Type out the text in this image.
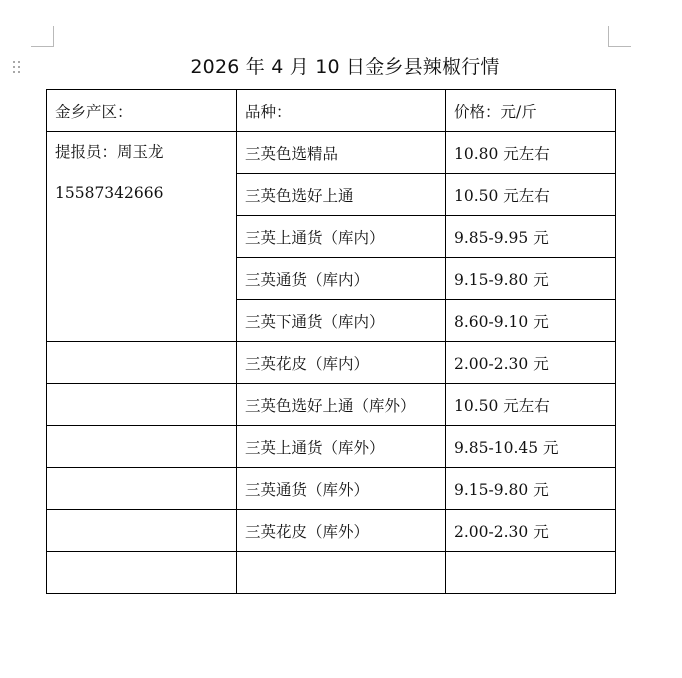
2026 年 4 月 10 日金乡县辣椒行情
金乡产区：	品种：	价格：元/斤

提报员：周玉龙
15587342666	三英色选精品	10.80 元左右
	三英色选好上通	10.50 元左右
	三英上通货（库内）	9.85-9.95 元
	三英通货（库内）	9.15-9.80 元
	三英下通货（库内）	8.60-9.10 元
	三英花皮（库内）	2.00-2.30 元
	三英色选好上通（库外）	10.50 元左右
	三英上通货（库外）	9.85-10.45 元
	三英通货（库外）	9.15-9.80 元
	三英花皮（库外）	2.00-2.30 元
